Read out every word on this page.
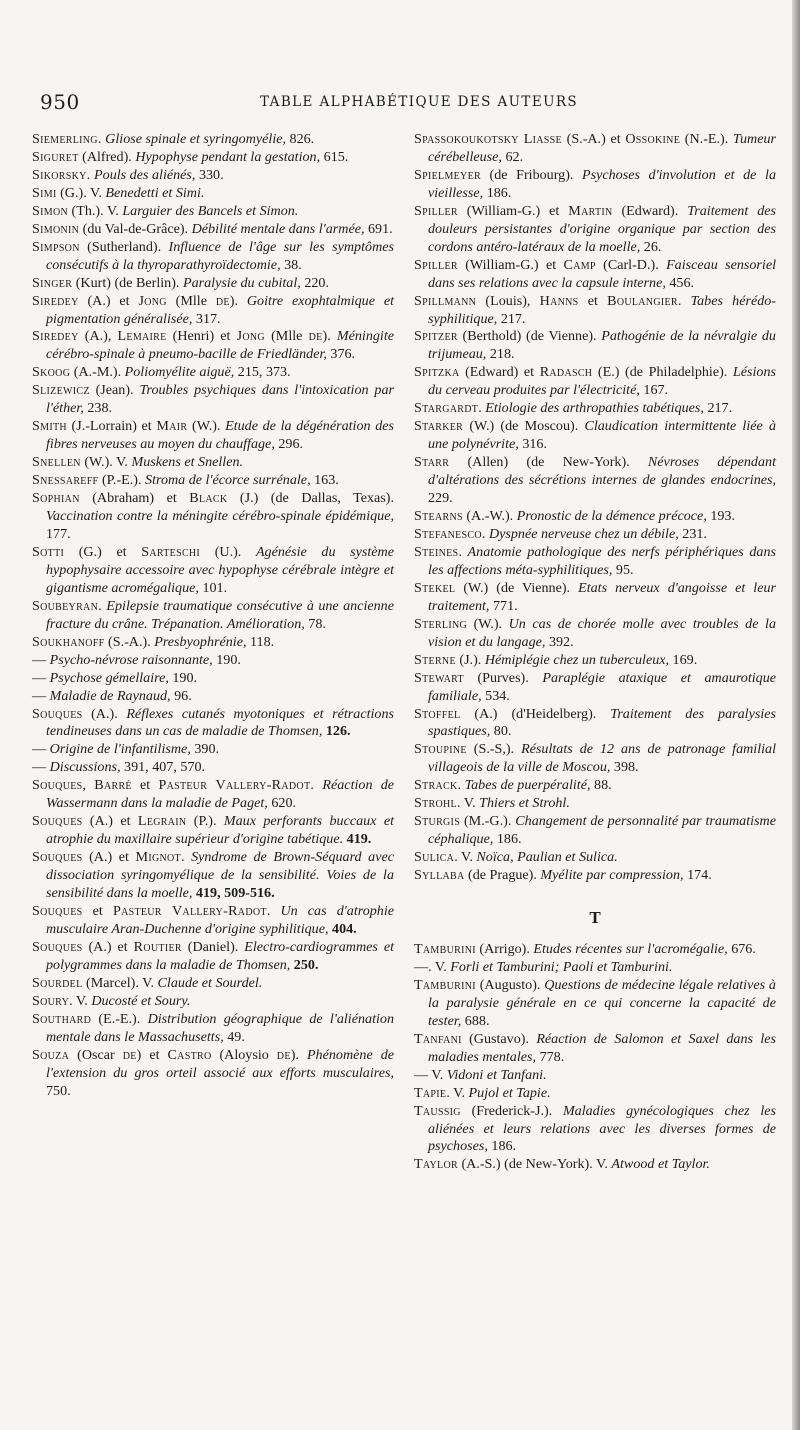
950	TABLE ALPHABÉTIQUE DES AUTEURS

Siemerling. Gliose spinale et syringomyélie, 826.

Siguret (Alfred). Hypophyse pendant la gestation, 615.

Sikorsky. Pouls des aliénés, 330.

Simi (G.). V. Benedetti et Simi.

Simon (Th.). V. Larguier des Bancels et Simon.

Simonin (du Val-de-Grâce). Débilité mentale dans l'armée, 691.

Simpson (Sutherland). Influence de l'âge sur les symptômes consécutifs à la thyroparathyroïdectomie, 38.

Singer (Kurt) (de Berlin). Paralysie du cubital, 220.

Siredey (A.) et Jong (Mlle de). Goitre exophtalmique et pigmentation généralisée, 317.

Siredey (A.), Lemaire (Henri) et Jong (Mlle de). Méningite cérébro-spinale à pneumo-bacille de Friedländer, 376.

Skoog (A.-M.). Poliomyélite aiguë, 215, 373.

Slizewicz (Jean). Troubles psychiques dans l'intoxication par l'éther, 238.

Smith (J.-Lorrain) et Mair (W.). Etude de la dégénération des fibres nerveuses au moyen du chauffage, 296.

Snellen (W.). V. Muskens et Snellen.

Snessareff (P.-E.). Stroma de l'écorce surrénale, 163.

Sophian (Abraham) et Black (J.) (de Dallas, Texas). Vaccination contre la méningite cérébro-spinale épidémique, 177.

Sotti (G.) et Sarteschi (U.). Agénésie du système hypophysaire accessoire avec hypophyse cérébrale intègre et gigantisme acromégalique, 101.

Soubeyran. Epilepsie traumatique consécutive à une ancienne fracture du crâne. Trépanation. Amélioration, 78.

Soukhanoff (S.-A.). Presbyophrénie, 118.

— Psycho-névrose raisonnante, 190.

— Psychose gémellaire, 190.

— Maladie de Raynaud, 96.

Souques (A.). Réflexes cutanés myotoniques et rétractions tendineuses dans un cas de maladie de Thomsen, 126.

— Origine de l'infantilisme, 390.

— Discussions, 391, 407, 570.

Souques, Barré et Pasteur Vallery-Radot. Réaction de Wassermann dans la maladie de Paget, 620.

Souques (A.) et Legrain (P.). Maux perforants buccaux et atrophie du maxillaire supérieur d'origine tabétique. 419.

Souques (A.) et Mignot. Syndrome de Brown-Séquard avec dissociation syringomyélique de la sensibilité. Voies de la sensibilité dans la moelle, 419, 509-516.

Souques et Pasteur Vallery-Radot. Un cas d'atrophie musculaire Aran-Duchenne d'origine syphilitique, 404.

Souques (A.) et Routier (Daniel). Electro-cardiogrammes et polygrammes dans la maladie de Thomsen, 250.

Sourdel (Marcel). V. Claude et Sourdel.

Soury. V. Ducosté et Soury.

Southard (E.-E.). Distribution géographique de l'aliénation mentale dans le Massachusetts, 49.

Souza (Oscar de) et Castro (Aloysio de). Phénomène de l'extension du gros orteil associé aux efforts musculaires, 750.

Spassokoukotsky Liasse (S.-A.) et Ossokine (N.-E.). Tumeur cérébelleuse, 62.

Spielmeyer (de Fribourg). Psychoses d'involution et de la vieillesse, 186.

Spiller (William-G.) et Martin (Edward). Traitement des douleurs persistantes d'origine organique par section des cordons antéro-latéraux de la moelle, 26.

Spiller (William-G.) et Camp (Carl-D.). Faisceau sensoriel dans ses relations avec la capsule interne, 456.

Spillmann (Louis), Hanns et Boulangier. Tabes hérédo-syphilitique, 217.

Spitzer (Berthold) (de Vienne). Pathogénie de la névralgie du trijumeau, 218.

Spitzka (Edward) et Radasch (E.) (de Philadelphie). Lésions du cerveau produites par l'électricité, 167.

Stargardt. Etiologie des arthropathies tabétiques, 217.

Starker (W.) (de Moscou). Claudication intermittente liée à une polynévrite, 316.

Starr (Allen) (de New-York). Névroses dépendant d'altérations des sécrétions internes de glandes endocrines, 229.

Stearns (A.-W.). Pronostic de la démence précoce, 193.

Stefanesco. Dyspnée nerveuse chez un débile, 231.

Steines. Anatomie pathologique des nerfs périphériques dans les affections méta-syphilitiques, 95.

Stekel (W.) (de Vienne). Etats nerveux d'angoisse et leur traitement, 771.

Sterling (W.). Un cas de chorée molle avec troubles de la vision et du langage, 392.

Sterne (J.). Hémiplégie chez un tuberculeux, 169.

Stewart (Purves). Paraplégie ataxique et amaurotique familiale, 534.

Stoffel (A.) (d'Heidelberg). Traitement des paralysies spastiques, 80.

Stoupine (S.-S,). Résultats de 12 ans de patronage familial villageois de la ville de Moscou, 398.

Strack. Tabes de puerpéralité, 88.

Strohl. V. Thiers et Strohl.

Sturgis (M.-G.). Changement de personnalité par traumatisme céphalique, 186.

Sulica. V. Noïca, Paulian et Sulica.

Syllaba (de Prague). Myélite par compression, 174.

T

Tamburini (Arrigo). Etudes récentes sur l'acromégalie, 676.

—. V. Forli et Tamburini; Paoli et Tamburini.

Tamburini (Augusto). Questions de médecine légale relatives à la paralysie générale en ce qui concerne la capacité de tester, 688.

Tanfani (Gustavo). Réaction de Salomon et Saxel dans les maladies mentales, 778.

— V. Vidoni et Tanfani.

Tapie. V. Pujol et Tapie.

Taussig (Frederick-J.). Maladies gynécologiques chez les aliénées et leurs relations avec les diverses formes de psychoses, 186.

Taylor (A.-S.) (de New-York). V. Atwood et Taylor.
